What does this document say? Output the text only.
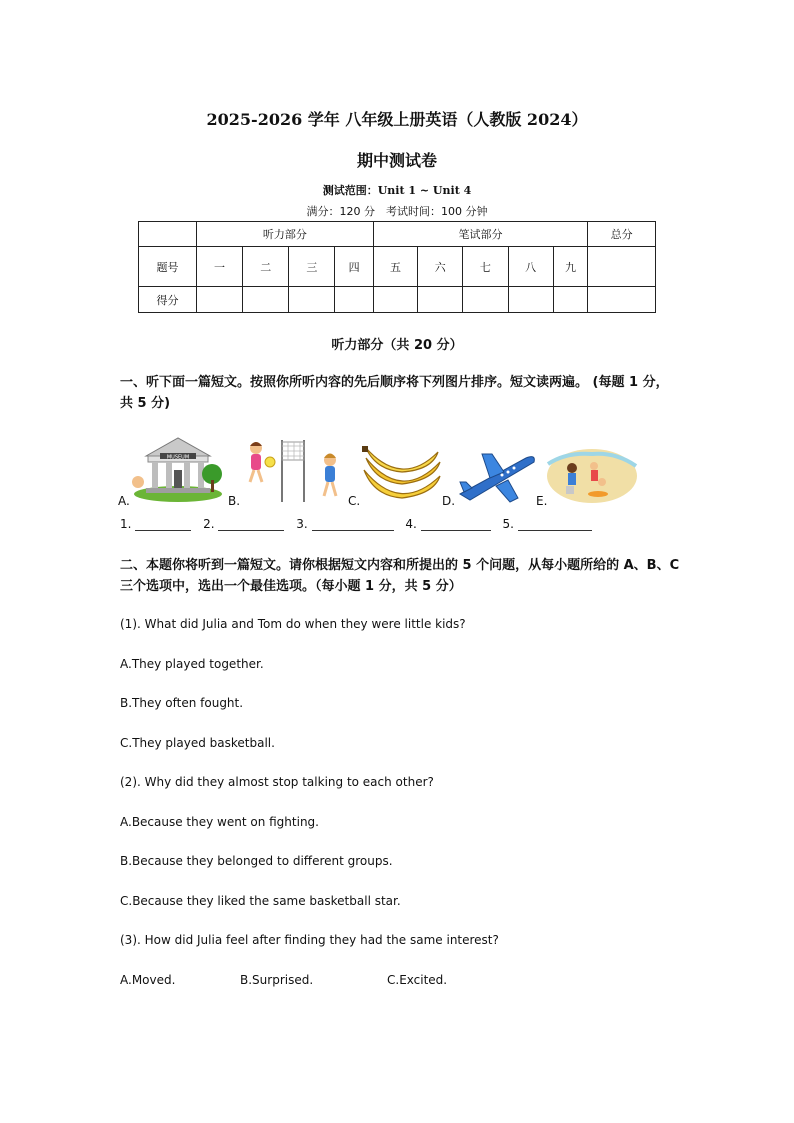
2025-2026 学年 八年级上册英语（人教版 2024）
期中测试卷
测试范围：Unit 1 ~ Unit 4
满分：120 分　考试时间：100 分钟
	听力部分				笔试部分					总分
题号	一	二	三	四	五	六	七	八	九	
得分										
听力部分（共 20 分）
一、听下面一篇短文。按照你所听内容的先后顺序将下列图片排序。短文读两遍。 (每题 1 分，共 5 分)
A.
MUSEUM
B.	C.	D.	E.
1.	2.	3.	4.	5.
二、本题你将听到一篇短文。请你根据短文内容和所提出的 5 个问题，从每小题所给的 A、B、C 三个选项中，选出一个最佳选项。（每小题 1 分，共 5 分）
(1). What did Julia and Tom do when they were little kids?
A.They played together.
B.They often fought.
C.They played basketball.
(2). Why did they almost stop talking to each other?
A.Because they went on fighting.
B.Because they belonged to different groups.
C.Because they liked the same basketball star.
(3). How did Julia feel after finding they had the same interest?
A.Moved.	B.Surprised.	C.Excited.
